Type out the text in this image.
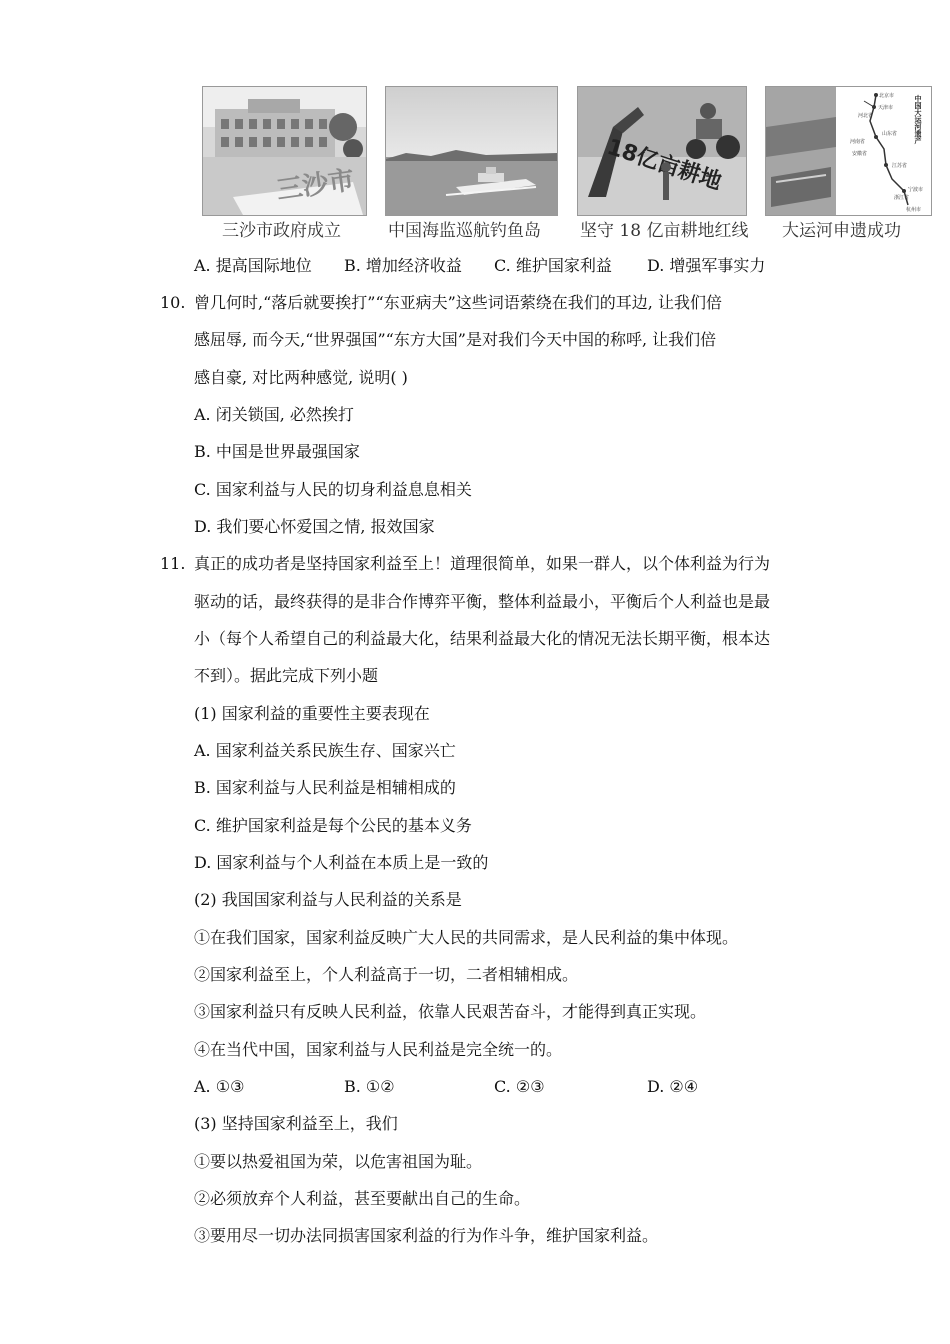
三沙市
中国大运河遗产
北京市
天津市
河北省
山东省
江苏省
浙江省
安徽省
河南省
宁波市
杭州市
三沙市政府成立	中国海监巡航钓鱼岛 坚守 18 亿亩耕地红线 大运河申遗成功
A. 提高国际地位 B. 增加经济收益 C. 维护国家利益 D. 增强军事实力
10. 曾几何时,“落后就要挨打”“东亚病夫”这些词语萦绕在我们的耳边, 让我们倍
感屈辱, 而今天,“世界强国”“东方大国”是对我们今天中国的称呼, 让我们倍
感自豪, 对比两种感觉, 说明( )
A. 闭关锁国, 必然挨打
B. 中国是世界最强国家
C. 国家利益与人民的切身利益息息相关
D. 我们要心怀爱国之情, 报效国家
11. 真正的成功者是坚持国家利益至上！道理很简单，如果一群人，以个体利益为行为
驱动的话，最终获得的是非合作博弈平衡，整体利益最小，平衡后个人利益也是最
小（每个人希望自己的利益最大化，结果利益最大化的情况无法长期平衡，根本达
不到）。据此完成下列小题
(1) 国家利益的重要性主要表现在
A. 国家利益关系民族生存、国家兴亡
B. 国家利益与人民利益是相辅相成的
C. 维护国家利益是每个公民的基本义务
D. 国家利益与个人利益在本质上是一致的
(2) 我国国家利益与人民利益的关系是
①在我们国家，国家利益反映广大人民的共同需求，是人民利益的集中体现。
②国家利益至上，个人利益高于一切，二者相辅相成。
③国家利益只有反映人民利益，依靠人民艰苦奋斗，才能得到真正实现。
④在当代中国，国家利益与人民利益是完全统一的。
A. ①③	B. ①②	C. ②③	D. ②④
(3) 坚持国家利益至上，我们
①要以热爱祖国为荣，以危害祖国为耻。
②必须放弃个人利益，甚至要献出自己的生命。
③要用尽一切办法同损害国家利益的行为作斗争，维护国家利益。
